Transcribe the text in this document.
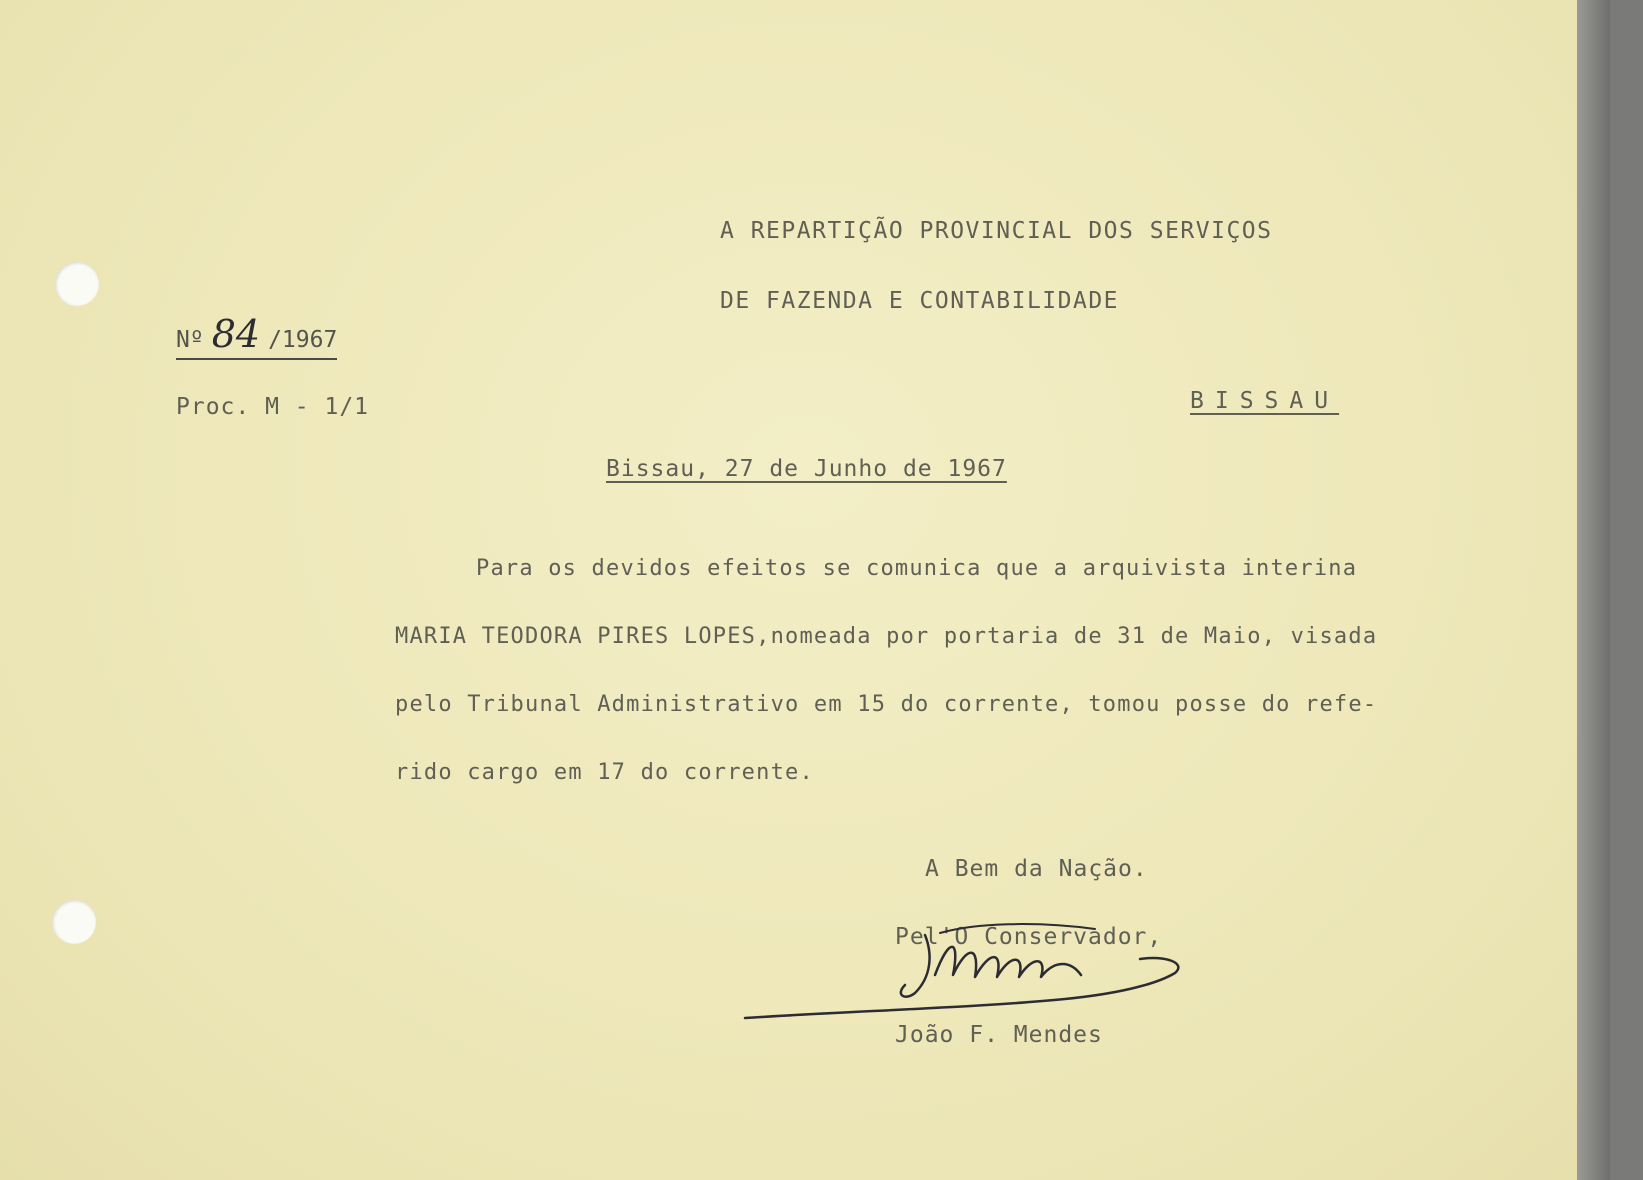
A REPARTIÇÃO PROVINCIAL DOS SERVIÇOS
DE FAZENDA E CONTABILIDADE
Nº 84 /1967
Proc. M - 1/1	BISSAU
Bissau, 27 de Junho de 1967
Para os devidos efeitos se comunica que a arquivista interina
MARIA TEODORA PIRES LOPES,nomeada por portaria de 31 de Maio, visada
pelo Tribunal Administrativo em 15 do corrente, tomou posse do refe-
rido cargo em 17 do corrente.
A Bem da Nação.
Pel'O Conservador,
João F. Mendes
